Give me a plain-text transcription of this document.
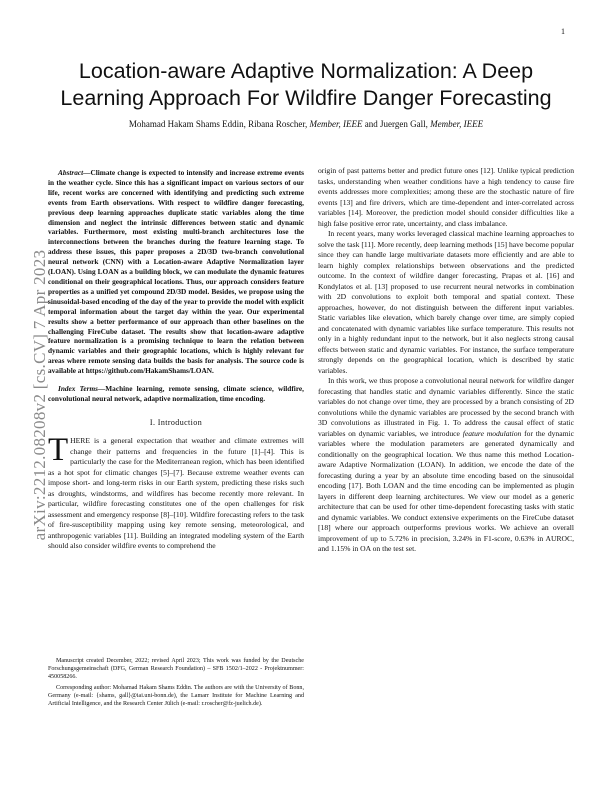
1
arXiv:2212.08208v2 [cs.CV] 7 Apr 2023
Location-aware Adaptive Normalization: A Deep Learning Approach For Wildfire Danger Forecasting
Mohamad Hakam Shams Eddin, Ribana Roscher, Member, IEEE and Juergen Gall, Member, IEEE

Abstract—Climate change is expected to intensify and increase extreme events in the weather cycle. Since this has a significant impact on various sectors of our life, recent works are concerned with identifying and predicting such extreme events from Earth observations. With respect to wildfire danger forecasting, previous deep learning approaches duplicate static variables along the time dimension and neglect the intrinsic differences between static and dynamic variables. Furthermore, most existing multi-branch architectures lose the interconnections between the branches during the feature learning stage. To address these issues, this paper proposes a 2D/3D two-branch convolutional neural network (CNN) with a Location-aware Adaptive Normalization layer (LOAN). Using LOAN as a building block, we can modulate the dynamic features conditional on their geographical locations. Thus, our approach considers feature properties as a unified yet compound 2D/3D model. Besides, we propose using the sinusoidal-based encoding of the day of the year to provide the model with explicit temporal information about the target day within the year. Our experimental results show a better performance of our approach than other baselines on the challenging FireCube dataset. The results show that location-aware adaptive feature normalization is a promising technique to learn the relation between dynamic variables and their geographic locations, which is highly relevant for areas where remote sensing data builds the basis for analysis. The source code is available at https://github.com/HakamShams/LOAN.

Index Terms—Machine learning, remote sensing, climate science, wildfire, convolutional neural network, adaptive normalization, time encoding.

I. Introduction

THERE is a general expectation that weather and climate extremes will change their patterns and frequencies in the future [1]–[4]. This is particularly the case for the Mediterranean region, which has been identified as a hot spot for climatic changes [5]–[7]. Because extreme weather events can impose short- and long-term risks in our Earth system, predicting these risks such as droughts, windstorms, and wildfires has become recently more relevant. In particular, wildfire forecasting constitutes one of the open challenges for risk assessment and emergency response [8]–[10]. Wildfire forecasting refers to the task of fire-susceptibility mapping using key remote sensing, meteorological, and anthropogenic variables [11]. Building an integrated modeling system of the Earth should also consider wildfire events to comprehend the

Manuscript created December, 2022; revised April 2023; This work was funded by the Deutsche Forschungsgemeinschaft (DFG, German Research Foundation) – SFB 1502/1–2022 - Projektnummer: 450058266.

Corresponding author: Mohamad Hakam Shams Eddin. The authors are with the University of Bonn, Germany (e-mail: {shams, gall}@iai.uni-bonn.de), the Lamarr Institute for Machine Learning and Artificial Intelligence, and the Research Center Jülich (e-mail: r.roscher@fz-juelich.de).

origin of past patterns better and predict future ones [12]. Unlike typical prediction tasks, understanding when weather conditions have a high tendency to cause fire events addresses more complexities; among these are the stochastic nature of fire events [13] and fire drivers, which are time-dependent and inter-correlated across variables [14]. Moreover, the prediction model should consider difficulties like a high false positive error rate, uncertainty, and class imbalance.

In recent years, many works leveraged classical machine learning approaches to solve the task [11]. More recently, deep learning methods [15] have become popular since they can handle large multivariate datasets more efficiently and are able to learn highly complex relationships between observations and the predicted outcome. In the context of wildfire danger forecasting, Prapas et al. [16] and Kondylatos et al. [13] proposed to use recurrent neural networks in combination with 2D convolutions to exploit both temporal and spatial context. These approaches, however, do not distinguish between the different input variables. Static variables like elevation, which barely change over time, are simply copied and concatenated with dynamic variables like surface temperature. This results not only in a highly redundant input to the network, but it also neglects strong causal effects between static and dynamic variables. For instance, the surface temperature strongly depends on the geographical location, which is described by static variables.

In this work, we thus propose a convolutional neural network for wildfire danger forecasting that handles static and dynamic variables differently. Since the static variables do not change over time, they are processed by a branch consisting of 2D convolutions while the dynamic variables are processed by the second branch with 3D convolutions as illustrated in Fig. 1. To address the causal effect of static variables on dynamic variables, we introduce feature modulation for the dynamic variables where the modulation parameters are generated dynamically and conditionally on the geographical location. We thus name this method Location-aware Adaptive Normalization (LOAN). In addition, we encode the date of the forecasting during a year by an absolute time encoding based on the sinusoidal encoding [17]. Both LOAN and the time encoding can be implemented as plugin layers in different deep learning architectures. We view our model as a generic architecture that can be used for other time-dependent forecasting tasks with static and dynamic variables. We conduct extensive experiments on the FireCube dataset [18] where our approach outperforms previous works. We achieve an overall improvement of up to 5.72% in precision, 3.24% in F1-score, 0.63% in AUROC, and 1.15% in OA on the test set.
